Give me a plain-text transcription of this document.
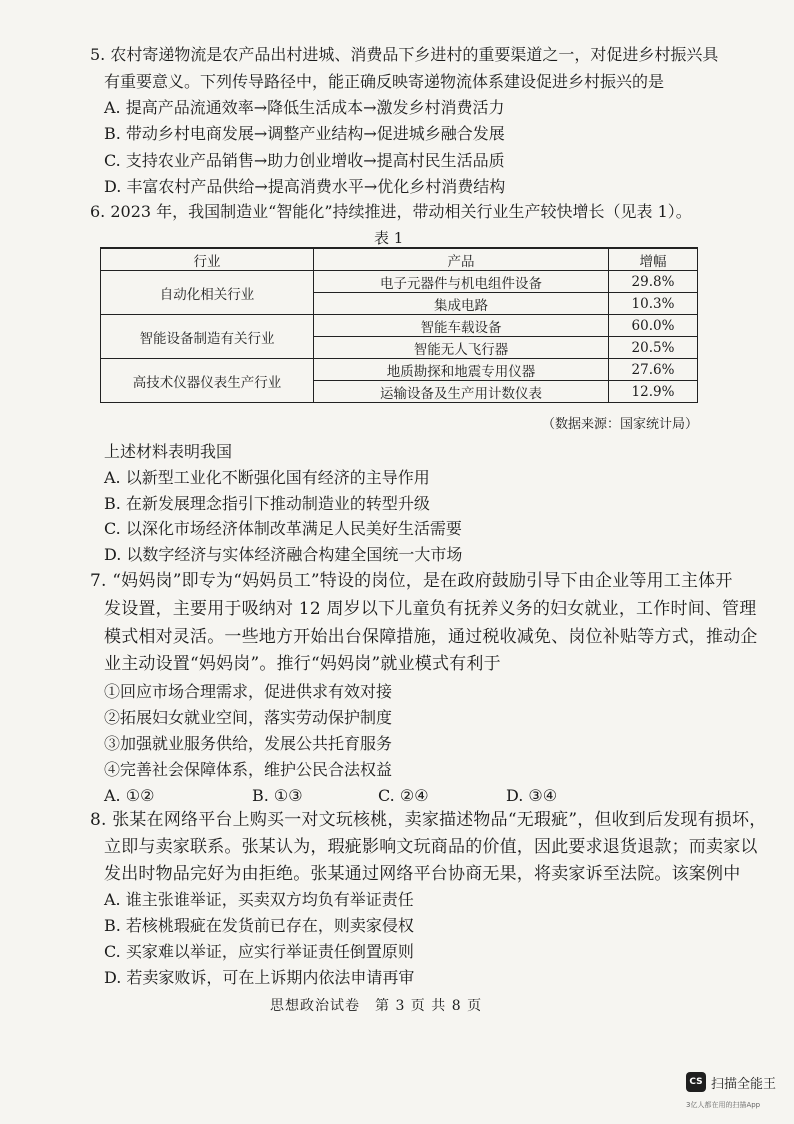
5. 农村寄递物流是农产品出村进城、消费品下乡进村的重要渠道之一，对促进乡村振兴具
有重要意义。下列传导路径中，能正确反映寄递物流体系建设促进乡村振兴的是
A. 提高产品流通效率→降低生活成本→激发乡村消费活力
B. 带动乡村电商发展→调整产业结构→促进城乡融合发展
C. 支持农业产品销售→助力创业增收→提高村民生活品质
D. 丰富农村产品供给→提高消费水平→优化乡村消费结构
6. 2023 年，我国制造业“智能化”持续推进，带动相关行业生产较快增长（见表 1）。
表 1
行业	产品	增幅
自动化相关行业	电子元器件与机电组件设备	29.8%
	集成电路	10.3%
智能设备制造有关行业	智能车载设备	60.0%
	智能无人飞行器	20.5%
高技术仪器仪表生产行业	地质勘探和地震专用仪器	27.6%
	运输设备及生产用计数仪表	12.9%
（数据来源：国家统计局）
上述材料表明我国
A. 以新型工业化不断强化国有经济的主导作用
B. 在新发展理念指引下推动制造业的转型升级
C. 以深化市场经济体制改革满足人民美好生活需要
D. 以数字经济与实体经济融合构建全国统一大市场
7. “妈妈岗”即专为“妈妈员工”特设的岗位，是在政府鼓励引导下由企业等用工主体开
发设置，主要用于吸纳对 12 周岁以下儿童负有抚养义务的妇女就业，工作时间、管理
模式相对灵活。一些地方开始出台保障措施，通过税收减免、岗位补贴等方式，推动企
业主动设置“妈妈岗”。推行“妈妈岗”就业模式有利于
①回应市场合理需求，促进供求有效对接
②拓展妇女就业空间，落实劳动保护制度
③加强就业服务供给，发展公共托育服务
④完善社会保障体系，维护公民合法权益
A. ①②	B. ①③	C. ②④	D. ③④
8. 张某在网络平台上购买一对文玩核桃，卖家描述物品“无瑕疵”，但收到后发现有损坏，
立即与卖家联系。张某认为，瑕疵影响文玩商品的价值，因此要求退货退款；而卖家以
发出时物品完好为由拒绝。张某通过网络平台协商无果，将卖家诉至法院。该案例中
A. 谁主张谁举证，买卖双方均负有举证责任
B. 若核桃瑕疵在发货前已存在，则卖家侵权
C. 买家难以举证，应实行举证责任倒置原则
D. 若卖家败诉，可在上诉期内依法申请再审
思想政治试卷　第 3 页 共 8 页
CS 扫描全能王
3亿人都在用的扫描App
